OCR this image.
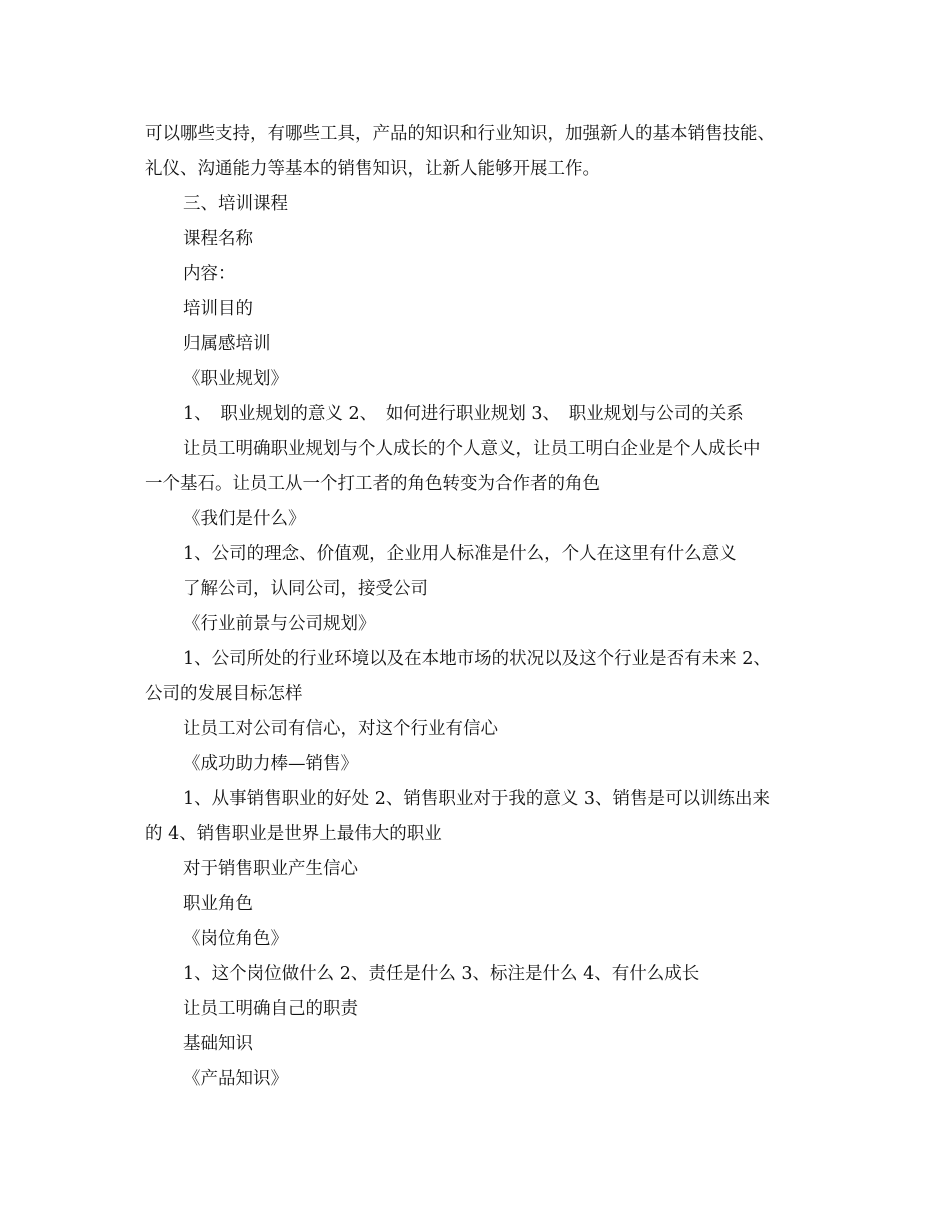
可以哪些支持，有哪些工具，产品的知识和行业知识，加强新人的基本销售技能、
礼仪、沟通能力等基本的销售知识，让新人能够开展工作。
三、培训课程
课程名称
内容：
培训目的
归属感培训
《职业规划》
1、　职业规划的意义 2、　如何进行职业规划 3、　职业规划与公司的关系
让员工明确职业规划与个人成长的个人意义，让员工明白企业是个人成长中
一个基石。让员工从一个打工者的角色转变为合作者的角色
《我们是什么》
1、公司的理念、价值观，企业用人标准是什么，个人在这里有什么意义
了解公司，认同公司，接受公司
《行业前景与公司规划》
1、公司所处的行业环境以及在本地市场的状况以及这个行业是否有未来 2、
公司的发展目标怎样
让员工对公司有信心，对这个行业有信心
《成功助力棒—销售》
1、从事销售职业的好处 2、销售职业对于我的意义 3、销售是可以训练出来
的 4、销售职业是世界上最伟大的职业
对于销售职业产生信心
职业角色
《岗位角色》
1、这个岗位做什么 2、责任是什么 3、标注是什么 4、有什么成长
让员工明确自己的职责
基础知识
《产品知识》
